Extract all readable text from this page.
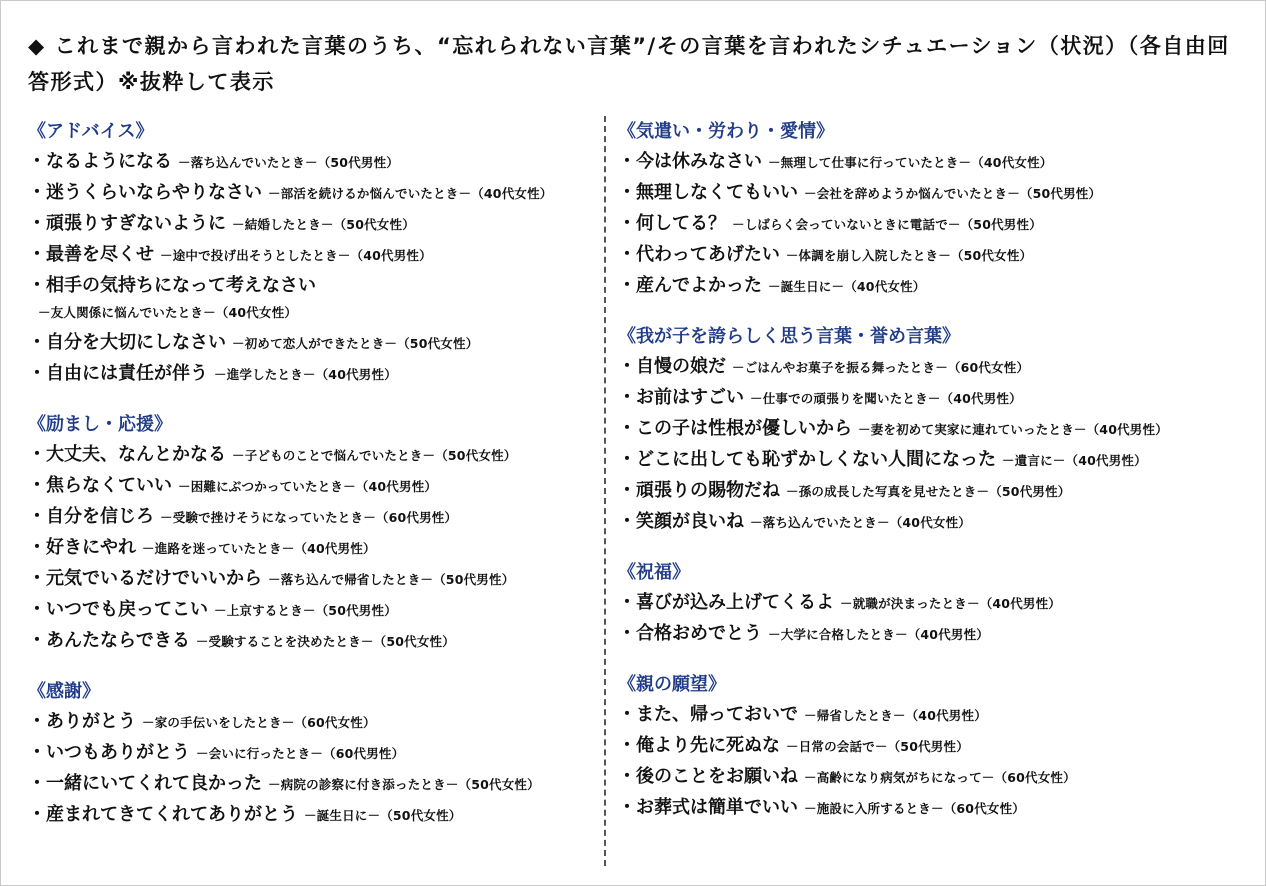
◆ これまで親から言われた言葉のうち、“忘れられない言葉”/その言葉を言われたシチュエーション（状況）（各自由回答形式）※抜粋して表示
《アドバイス》
・なるようになる －落ち込んでいたとき－（50代男性）
・迷うくらいならやりなさい －部活を続けるか悩んでいたとき－（40代女性）
・頑張りすぎないように －結婚したとき－（50代女性）
・最善を尽くせ －途中で投げ出そうとしたとき－（40代男性）
・相手の気持ちになって考えなさい
－友人関係に悩んでいたとき－（40代女性）
・自分を大切にしなさい －初めて恋人ができたとき－（50代女性）
・自由には責任が伴う －進学したとき－（40代男性）
《励まし・応援》
・大丈夫、なんとかなる －子どものことで悩んでいたとき－（50代女性）
・焦らなくていい －困難にぶつかっていたとき－（40代男性）
・自分を信じろ －受験で挫けそうになっていたとき－（60代男性）
・好きにやれ －進路を迷っていたとき－（40代男性）
・元気でいるだけでいいから －落ち込んで帰省したとき－（50代男性）
・いつでも戻ってこい －上京するとき－（50代男性）
・あんたならできる －受験することを決めたとき－（50代女性）
《感謝》
・ありがとう －家の手伝いをしたとき－（60代女性）
・いつもありがとう －会いに行ったとき－（60代男性）
・一緒にいてくれて良かった －病院の診察に付き添ったとき－（50代女性）
・産まれてきてくれてありがとう －誕生日に－（50代女性）
《気遣い・労わり・愛情》
・今は休みなさい －無理して仕事に行っていたとき－（40代女性）
・無理しなくてもいい －会社を辞めようか悩んでいたとき－（50代男性）
・何してる？ －しばらく会っていないときに電話で－（50代男性）
・代わってあげたい －体調を崩し入院したとき－（50代女性）
・産んでよかった －誕生日に－（40代女性）
《我が子を誇らしく思う言葉・誉め言葉》
・自慢の娘だ －ごはんやお菓子を振る舞ったとき－（60代女性）
・お前はすごい －仕事での頑張りを聞いたとき－（40代男性）
・この子は性根が優しいから －妻を初めて実家に連れていったとき－（40代男性）
・どこに出しても恥ずかしくない人間になった －遺言に－（40代男性）
・頑張りの賜物だね －孫の成長した写真を見せたとき－（50代男性）
・笑顔が良いね －落ち込んでいたとき－（40代女性）
《祝福》
・喜びが込み上げてくるよ －就職が決まったとき－（40代男性）
・合格おめでとう －大学に合格したとき－（40代男性）
《親の願望》
・また、帰っておいで －帰省したとき－（40代男性）
・俺より先に死ぬな －日常の会話で－（50代男性）
・後のことをお願いね －高齢になり病気がちになって－（60代女性）
・お葬式は簡単でいい －施設に入所するとき－（60代女性）
